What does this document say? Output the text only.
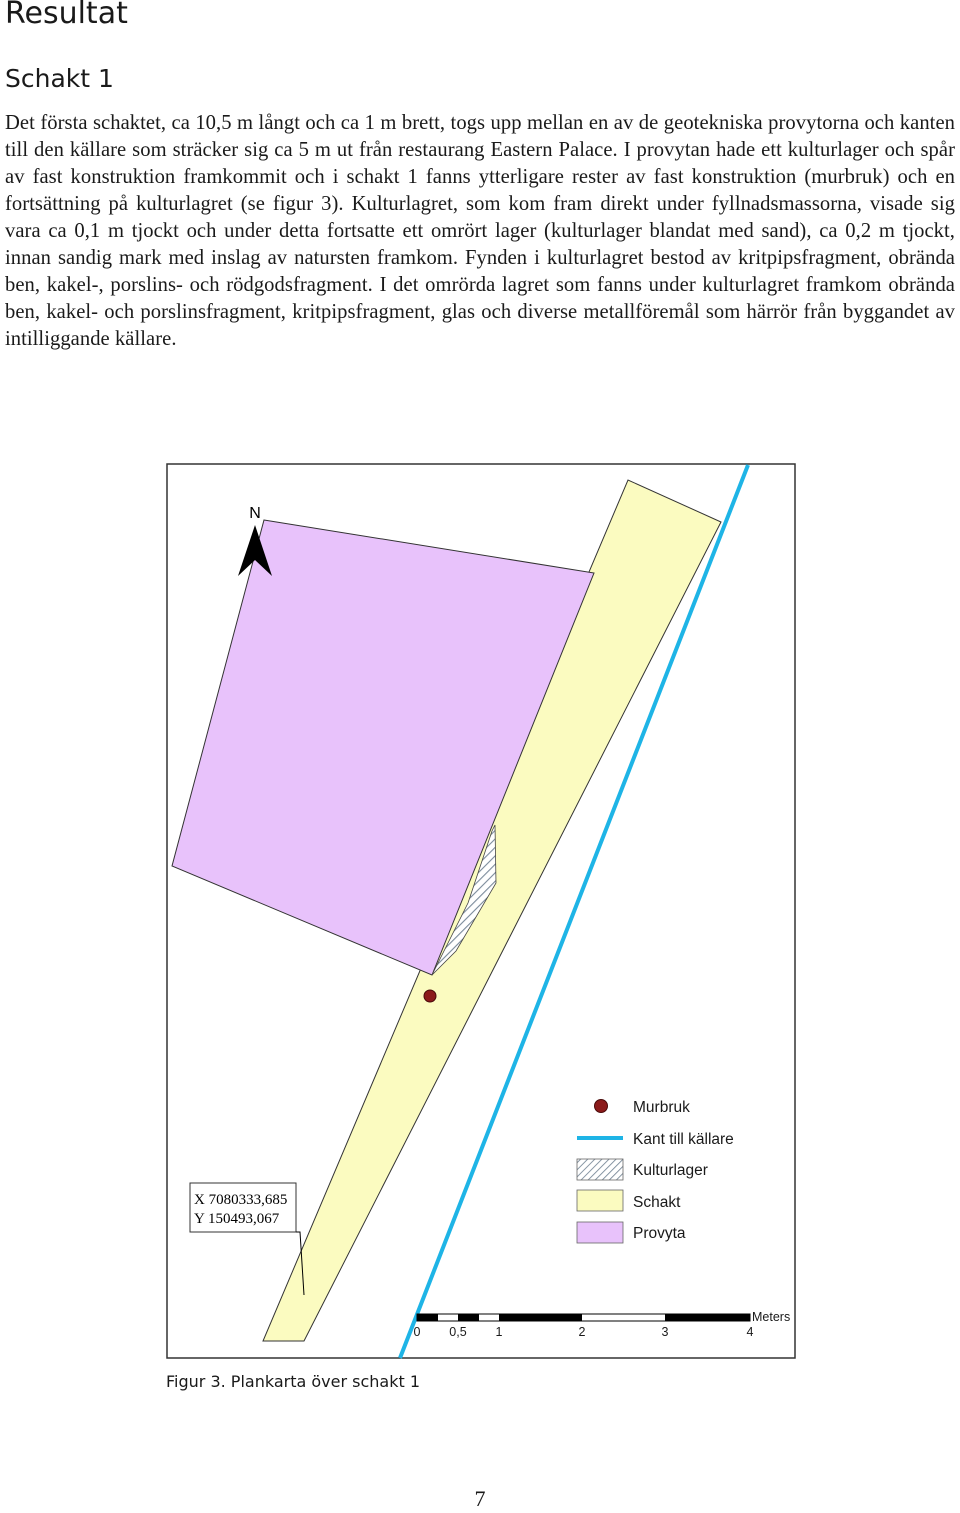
Resultat
Schakt 1

Det första schaktet, ca 10,5 m långt och ca 1 m brett, togs upp mellan en av de geotekniska provytorna och kanten till den källare som sträcker sig ca 5 m ut från restaurang Eastern Palace. I provytan hade ett kulturlager och spår av fast konstruktion framkommit och i schakt 1 fanns ytterligare rester av fast konstruktion (murbruk) och en fortsättning på kulturlagret (se figur 3). Kulturlagret, som kom fram direkt under fyllnadsmassorna, visade sig vara ca 0,1 m tjockt och under detta fortsatte ett omrört lager (kulturlager blandat med sand), ca 0,2 m tjockt, innan sandig mark med inslag av natursten framkom. Fynden i kulturlagret bestod av kritpipsfragment, obrända ben, kakel-, porslins- och rödgodsfragment. I det omrörda lagret som fanns under kulturlagret framkom obrända ben, kakel- och porslinsfragment, kritpipsfragment, glas och diverse metallföremål som härrör från byggandet av intilliggande källare.

N
X 7080333,685
Y 150493,067
Murbruk
Kant till källare
Kulturlager
Schakt
Provyta
0 0,5 1	2	3	4
Meters
Figur 3. Plankarta över schakt 1
7
